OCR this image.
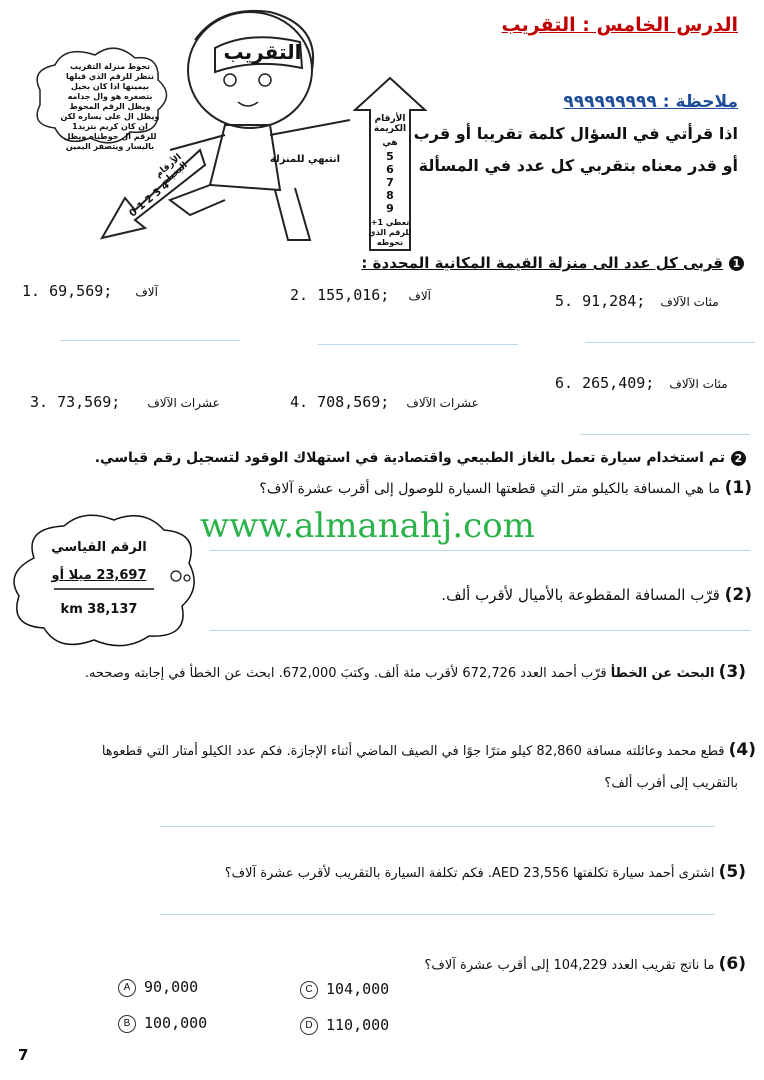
الدرس الخامس : التقريب
ملاحظة : ٩٩٩٩٩٩٩٩٩
اذا قرأتي في السؤال كلمة تقريبا أو قرب
أو قدر معناه بتقربي كل عدد في المسألة
التقريب
تحوط منزلة التقريب ننظر للرقم الذي قبلها بيمينها اذا كان بخيل بتصغره هو وال جدامه ويظل الرقم المحوط ويظل ال على يساره لكن ان كان كريم بتزيد1 للرقم ال حوطناه ويظل باليسار ويتصفر اليمين
الأرقام الكريمة
هي
5
6
7
8
9
تعطي 1+ للرقم الذي نحوطه
الأرقام البخيلة
0 1 2 3 4
انتبهي للمنزلة
1قربى كل عدد الى منزلة القيمة المكانية المحددة :
1. 69,569; آلاف	2. 155,016; آلاف	5. 91,284; مئات الآلاف
6. 265,409; مئات الآلاف
3. 73,569; عشرات الآلاف	4. 708,569; عشرات الآلاف
2تم استخدام سيارة تعمل بالغاز الطبيعي واقتصادية في استهلاك الوقود لتسجيل رقم قياسي.
(1) ما هي المسافة بالكيلو متر التي قطعتها السيارة للوصول إلى أقرب عشرة آلاف؟
www.almanahj.com
الرقم القياسي
23,697 ميلا أو
km 38,137
(2) قرّب المسافة المقطوعة بالأميال لأقرب ألف.
(3) البحث عن الخطأ قرّب أحمد العدد 672,726 لأقرب مئة ألف. وكتبَ 672,000. ابحث عن الخطأ في إجابته وصححه.
(4) قطع محمد وعائلته مسافة 82,860 كيلو مترًا جوًا في الصيف الماضي أثناء الإجازة. فكم عدد الكيلو أمتار التي قطعوها
بالتقريب إلى أقرب ألف؟
(5) اشترى أحمد سيارة تكلفتها AED 23,556. فكم تكلفة السيارة بالتقريب لأقرب عشرة آلاف؟
(6) ما ناتج تقريب العدد 104,229 إلى أقرب عشرة آلاف؟
A 90,000	C 104,000
B 100,000	D 110,000
7
